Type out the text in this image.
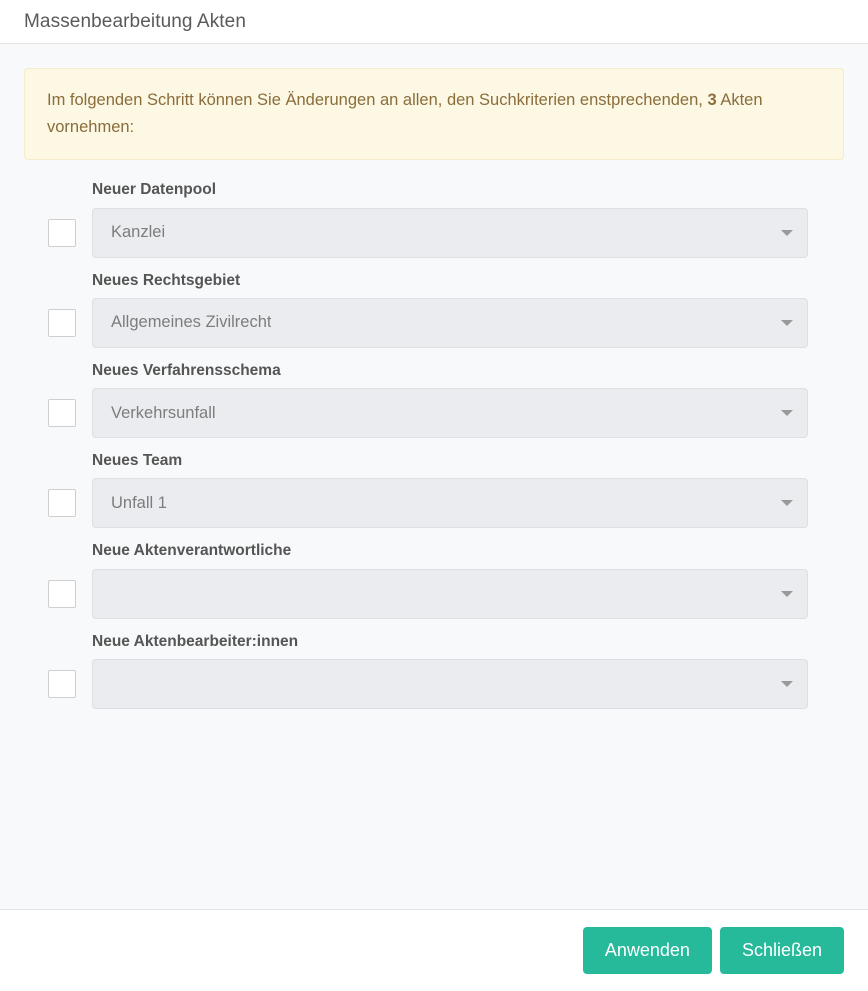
Massenbearbeitung Akten
Im folgenden Schritt können Sie Änderungen an allen, den Suchkriterien enstprechenden, 3 Akten vornehmen:
Neuer Datenpool
Kanzlei
Neues Rechtsgebiet
Allgemeines Zivilrecht
Neues Verfahrensschema
Verkehrsunfall
Neues Team
Unfall 1
Neue Aktenverantwortliche
Neue Aktenbearbeiter:innen
Anwenden	Schließen
